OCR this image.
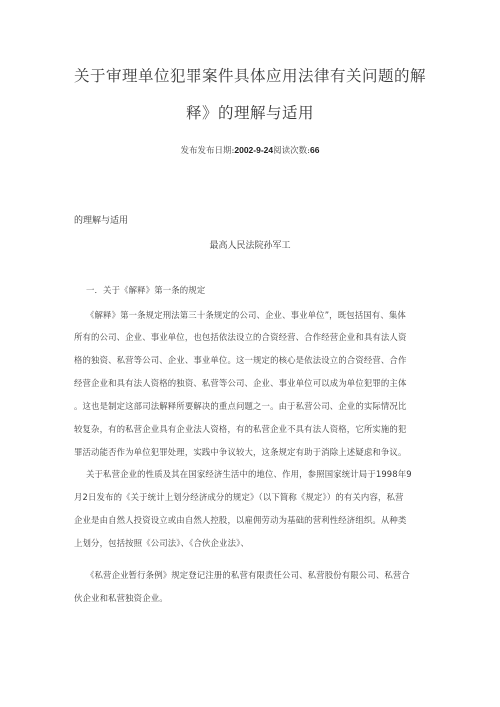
关于审理单位犯罪案件具体应用法律有关问题的解
释》的理解与适用
发布发布日期:2002-9-24阅读次数:66
的理解与适用
最高人民法院孙军工
一．关于《解释》第一条的规定
《解释》第一条规定刑法第三十条规定的公司、企业、事业单位”，既包括国有、集体
所有的公司、企业、事业单位，也包括依法设立的合资经营、合作经营企业和具有法人资
格的独资、私营等公司、企业、事业单位。这一规定的核心是依法设立的合资经营、合作
经营企业和具有法人资格的独资、私营等公司、企业、事业单位可以成为单位犯罪的主体
。这也是制定这部司法解释所要解决的重点问题之一。由于私营公司、企业的实际情况比
较复杂，有的私营企业具有企业法人资格，有的私营企业不具有法人资格，它所实施的犯
罪活动能否作为单位犯罪处理，实践中争议较大，这条规定有助于消除上述疑虑和争议。
关于私营企业的性质及其在国家经济生活中的地位、作用，参照国家统计局于1998年9
月2日发布的《关于统计上划分经济成分的规定》（以下简称《规定》）的有关内容，私营
企业是由自然人投资设立或由自然人控股，以雇佣劳动为基础的营利性经济组织。从种类
上划分，包括按照《公司法》、《合伙企业法》、
《私营企业暂行条例》规定登记注册的私营有限责任公司、私营股份有限公司、私营合
伙企业和私营独资企业。
